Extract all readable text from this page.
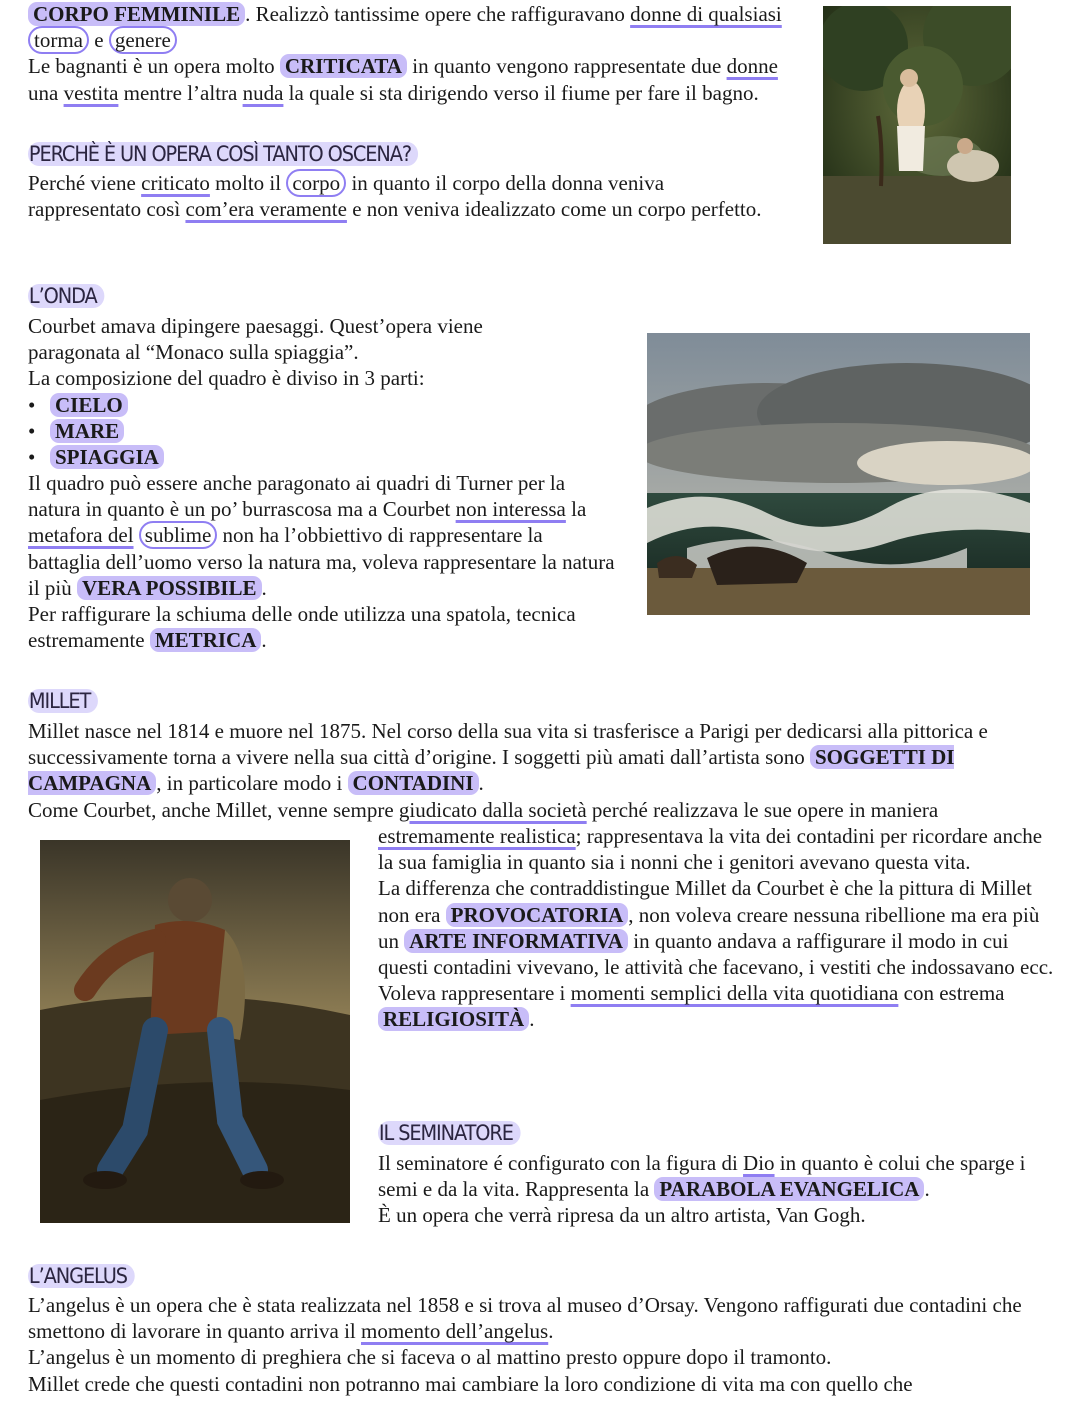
CORPO FEMMINILE . Realizzò tantissime opere che raffiguravano donne di qualsiasi torma e genere

Le bagnanti è un opera molto CRITICATA in quanto vengono rappresentate due donne una vestita mentre l’altra nuda la quale si sta dirigendo verso il fiume per fare il bagno.

PERCHÈ È UN OPERA COSÌ TANTO OSCENA?

Perché viene criticato molto il corpo in quanto il corpo della donna veniva rappresentato così com’era veramente e non veniva idealizzato come un corpo perfetto.

L’ONDA

Courbet amava dipingere paesaggi. Quest’opera viene paragonata al “Monaco sulla spiaggia”.

La composizione del quadro è diviso in 3 parti:

• CIELO
• MARE
• SPIAGGIA

Il quadro può essere anche paragonato ai quadri di Turner per la natura in quanto è un po’ burrascosa ma a Courbet non interessa la metafora del sublime non ha l’obbiettivo di rappresentare la battaglia dell’uomo verso la natura ma, voleva rappresentare la natura il più VERA POSSIBILE .

Per raffigurare la schiuma delle onde utilizza una spatola, tecnica estremamente METRICA .

MILLET

Millet nasce nel 1814 e muore nel 1875. Nel corso della sua vita si trasferisce a Parigi per dedicarsi alla pittorica e successivamente torna a vivere nella sua città d’origine. I soggetti più amati dall’artista sono SOGGETTI DI CAMPAGNA , in particolare modo i CONTADINI .

Come Courbet, anche Millet, venne sempre giudicato dalla società perché realizzava le sue opere in maniera

estremamente realistica; rappresentava la vita dei contadini per ricordare anche la sua famiglia in quanto sia i nonni che i genitori avevano questa vita.

La differenza che contraddistingue Millet da Courbet è che la pittura di Millet non era PROVOCATORIA , non voleva creare nessuna ribellione ma era più un ARTE INFORMATIVA in quanto andava a raffigurare il modo in cui questi contadini vivevano, le attività che facevano, i vestiti che indossavano ecc.

Voleva rappresentare i momenti semplici della vita quotidiana con estrema RELIGIOSITÀ .

IL SEMINATORE

Il seminatore é configurato con la figura di Dio in quanto è colui che sparge i semi e da la vita. Rappresenta la PARABOLA EVANGELICA .

È un opera che verrà ripresa da un altro artista, Van Gogh.

L’ANGELUS

L’angelus è un opera che è stata realizzata nel 1858 e si trova al museo d’Orsay. Vengono raffigurati due contadini che smettono di lavorare in quanto arriva il momento dell’angelus.

L’angelus è un momento di preghiera che si faceva o al mattino presto oppure dopo il tramonto.

Millet crede che questi contadini non potranno mai cambiare la loro condizione di vita ma con quello che
